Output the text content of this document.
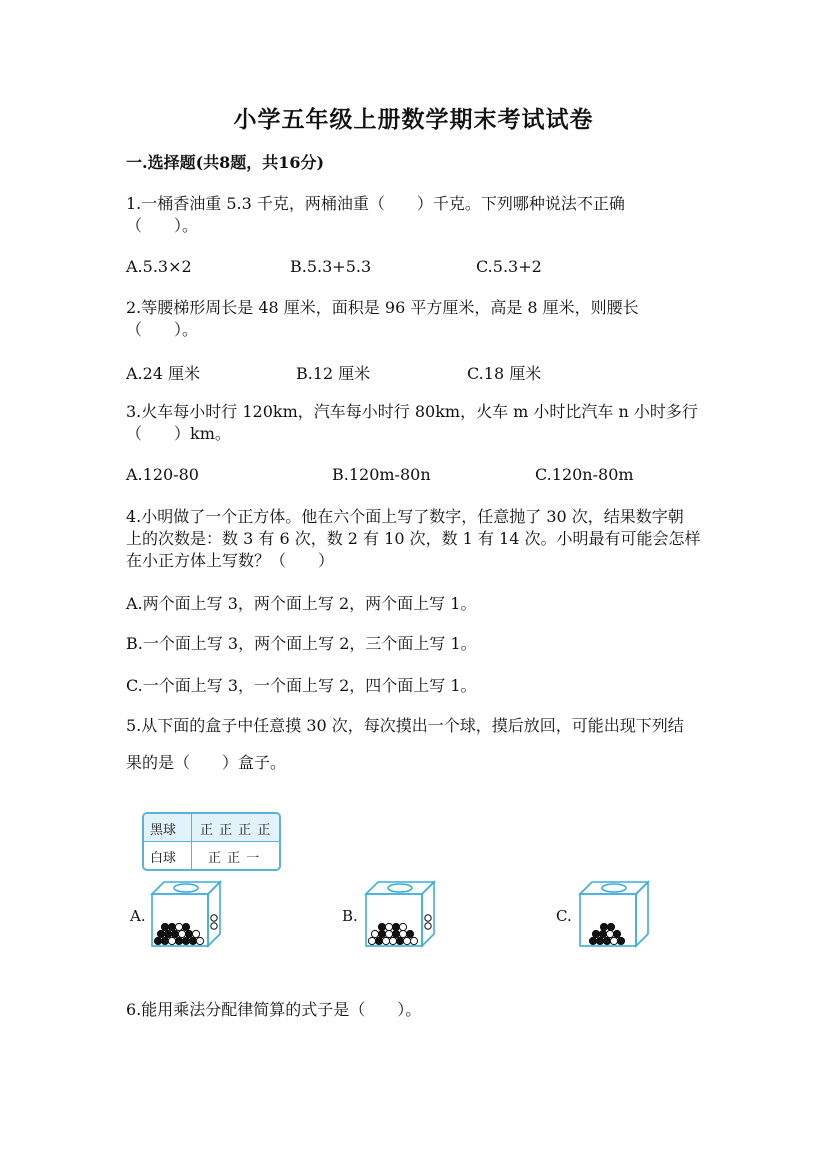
小学五年级上册数学期末考试试卷
一.选择题(共8题，共16分)
1.一桶香油重 5.3 千克，两桶油重（　　）千克。下列哪种说法不正确
（　　）。
A.5.3×2	B.5.3+5.3	C.5.3+2
2.等腰梯形周长是 48 厘米，面积是 96 平方厘米，高是 8 厘米，则腰长
（　　）。
A.24 厘米	B.12 厘米	C.18 厘米
3.火车每小时行 120km，汽车每小时行 80km，火车 m 小时比汽车 n 小时多行
（　　）km。
A.120-80	B.120m-80n	C.120n-80m
4.小明做了一个正方体。他在六个面上写了数字，任意抛了 30 次，结果数字朝
上的次数是：数 3 有 6 次，数 2 有 10 次，数 1 有 14 次。小明最有可能会怎样
在小正方体上写数？（　　）
A.两个面上写 3，两个面上写 2，两个面上写 1。
B.一个面上写 3，两个面上写 2，三个面上写 1。
C.一个面上写 3，一个面上写 2，四个面上写 1。
5.从下面的盒子中任意摸 30 次，每次摸出一个球，摸后放回，可能出现下列结
果的是（　　）盒子。
黑球 正 正 正 正
白球 正 正 一
A.	B.	C.
6.能用乘法分配律简算的式子是（　　）。
